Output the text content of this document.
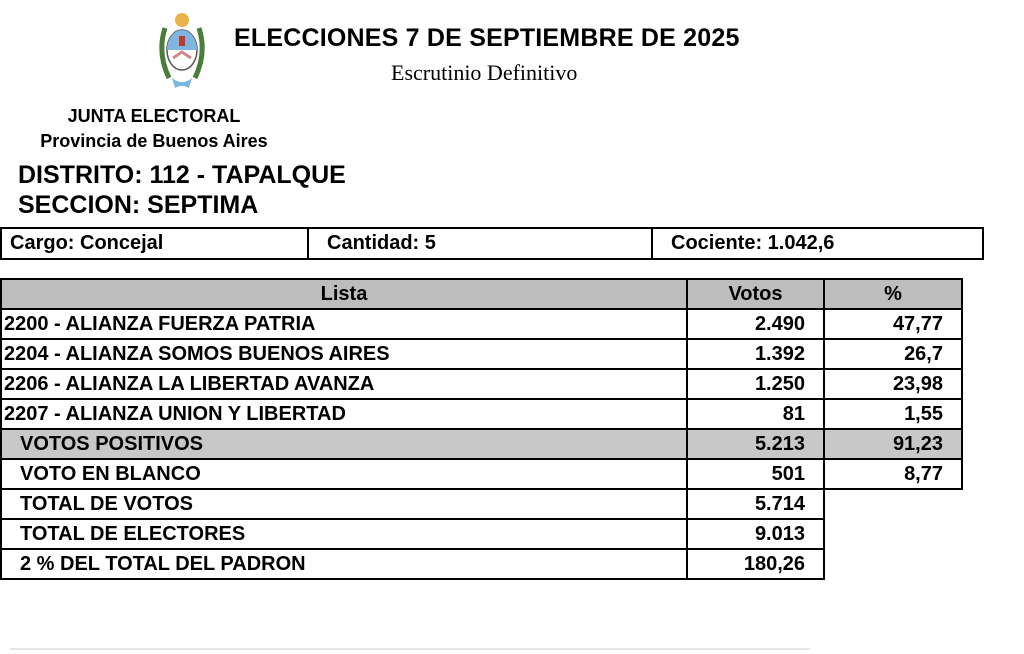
ELECCIONES 7 DE SEPTIEMBRE DE 2025
Escrutinio Definitivo
JUNTA ELECTORAL
Provincia de Buenos Aires
DISTRITO: 112 - TAPALQUE
SECCION: SEPTIMA
Cargo: Concejal	Cantidad: 5	Cociente: 1.042,6
Lista	Votos	%
2200 - ALIANZA FUERZA PATRIA	2.490	47,77
2204 - ALIANZA SOMOS BUENOS AIRES	1.392	26,7
2206 - ALIANZA LA LIBERTAD AVANZA	1.250	23,98
2207 - ALIANZA UNION Y LIBERTAD	81	1,55
VOTOS POSITIVOS	5.213	91,23
VOTO EN BLANCO	501	8,77
TOTAL DE VOTOS	5.714	
TOTAL DE ELECTORES	9.013	
2 % DEL TOTAL DEL PADRON	180,26	
